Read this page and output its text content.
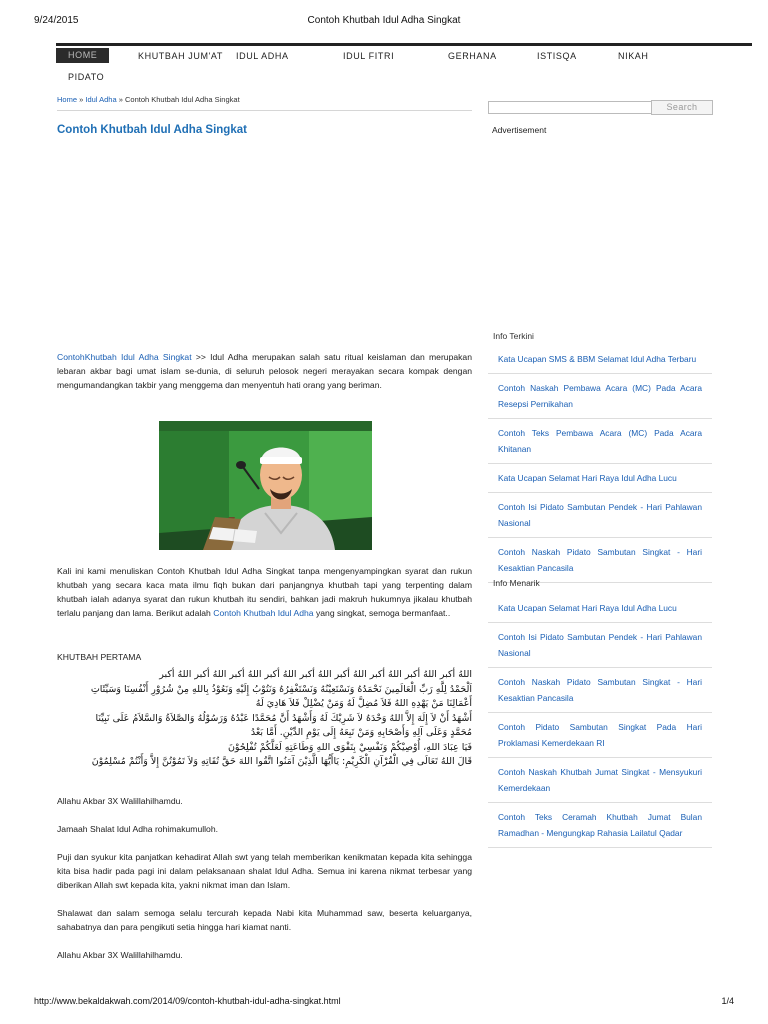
9/24/2015	Contoh Khutbah Idul Adha Singkat
HOME	KHUTBAH JUM'AT IDUL ADHA	IDUL FITRI	GERHANA	ISTISQA	NIKAH
PIDATO
Home » Idul Adha » Contoh Khutbah Idul Adha Singkat
Contoh Khutbah Idul Adha Singkat
ContohKhutbah Idul Adha Singkat >> Idul Adha merupakan salah satu ritual keislaman dan merupakan lebaran akbar bagi umat islam se-dunia, di seluruh pelosok negeri merayakan secara kompak dengan mengumandangkan takbir yang menggema dan menyentuh hati orang yang beriman.
Kali ini kami menuliskan Contoh Khutbah Idul Adha Singkat tanpa mengenyampingkan syarat dan rukun khutbah yang secara kaca mata ilmu fiqh bukan dari panjangnya khutbah tapi yang terpenting dalam khutbah ialah adanya syarat dan rukun khutbah itu sendiri, bahkan jadi makruh hukumnya jikalau khutbah terlalu panjang dan lama. Berikut adalah Contoh Khutbah Idul Adha yang singkat, semoga bermanfaat..
KHUTBAH PERTAMA
اللهُ أكبر اللهُ أكبر اللهُ أكبر اللهُ أكبر اللهُ أكبر اللهُ أكبر اللهُ أكبر اللهُ أكبر اللهُ أكبر
اَلْحَمْدُ لِلَّهِ رَبِّ الْعَالَمِينَ نَحْمَدُهُ وَنَسْتَعِيْنُهُ وَنَسْتَغْفِرُهُ وَنَتُوْبُ إِلَيْهِ وَنَعُوْذُ بِاللهِ مِنْ شُرُوْرِ أَنْفُسِنَا وَسَيِّئَاتِ
أَعْمَالِنَا مَنْ يَهْدِهِ اللهُ فَلاَ مُضِلَّ لَهُ وَمَنْ يُضْلِلْ فَلاَ هَادِيَ لَهُ
أَشْهَدُ أَنْ لاَ إِلَهَ إِلاَّ اللهُ وَحْدَهُ لاَ شَرِيْكَ لَهُ وَأَشْهَدُ أَنَّ مُحَمَّدًا عَبْدُهُ وَرَسُوْلُهُ وَالصَّلاَةُ وَالسَّلاَمُ عَلَى نَبِيِّنَا
مُحَمَّدٍ وَعَلَى آلِهِ وَأَصْحَابِهِ وَمَنْ تَبِعَهُ إِلَى يَوْمِ الدِّيْنِ. أَمَّا بَعْدُ
فَيَا عِبَادَ اللهِ، أُوْصِيْكُمْ وَنَفْسِيْ بِتَقْوَى اللهِ وَطَاعَتِهِ لَعَلَّكُمْ تُفْلِحُوْنَ
قَالَ اللهُ تَعَالَى فِي الْقُرْآنِ الْكَرِيْمِ: يَاأَيُّهَا الَّذِيْنَ آمَنُوا اتَّقُوا اللهَ حَقَّ تُقَاتِهِ وَلاَ تَمُوْتُنَّ إِلاَّ وَأَنْتُمْ مُسْلِمُوْنَ
Allahu Akbar 3X Walillahilhamdu.
Jamaah Shalat Idul Adha rohimakumulloh.
Puji dan syukur kita panjatkan kehadirat Allah swt yang telah memberikan kenikmatan kepada kita sehingga kita bisa hadir pada pagi ini dalam pelaksanaan shalat Idul Adha. Semua ini karena nikmat terbesar yang diberikan Allah swt kepada kita, yakni nikmat iman dan Islam.
Shalawat dan salam semoga selalu tercurah kepada Nabi kita Muhammad saw, beserta keluarganya, sahabatnya dan para pengikuti setia hingga hari kiamat nanti.
Allahu Akbar 3X Walillahilhamdu.
Search
Advertisement
Info Terkini
Kata Ucapan SMS & BBM Selamat Idul Adha Terbaru
Contoh Naskah Pembawa Acara (MC) Pada Acara Resepsi Pernikahan
Contoh Teks Pembawa Acara (MC) Pada Acara Khitanan
Kata Ucapan Selamat Hari Raya Idul Adha Lucu
Contoh Isi Pidato Sambutan Pendek - Hari Pahlawan Nasional
Contoh Naskah Pidato Sambutan Singkat - Hari Kesaktian Pancasila
Info Menarik
Kata Ucapan Selamat Hari Raya Idul Adha Lucu
Contoh Isi Pidato Sambutan Pendek - Hari Pahlawan Nasional
Contoh Naskah Pidato Sambutan Singkat - Hari Kesaktian Pancasila
Contoh Pidato Sambutan Singkat Pada Hari Proklamasi Kemerdekaan RI
Contoh Naskah Khutbah Jumat Singkat - Mensyukuri Kemerdekaan
Contoh Teks Ceramah Khutbah Jumat Bulan Ramadhan - Mengungkap Rahasia Lailatul Qadar
http://www.bekaldakwah.com/2014/09/contoh-khutbah-idul-adha-singkat.html	1/4
